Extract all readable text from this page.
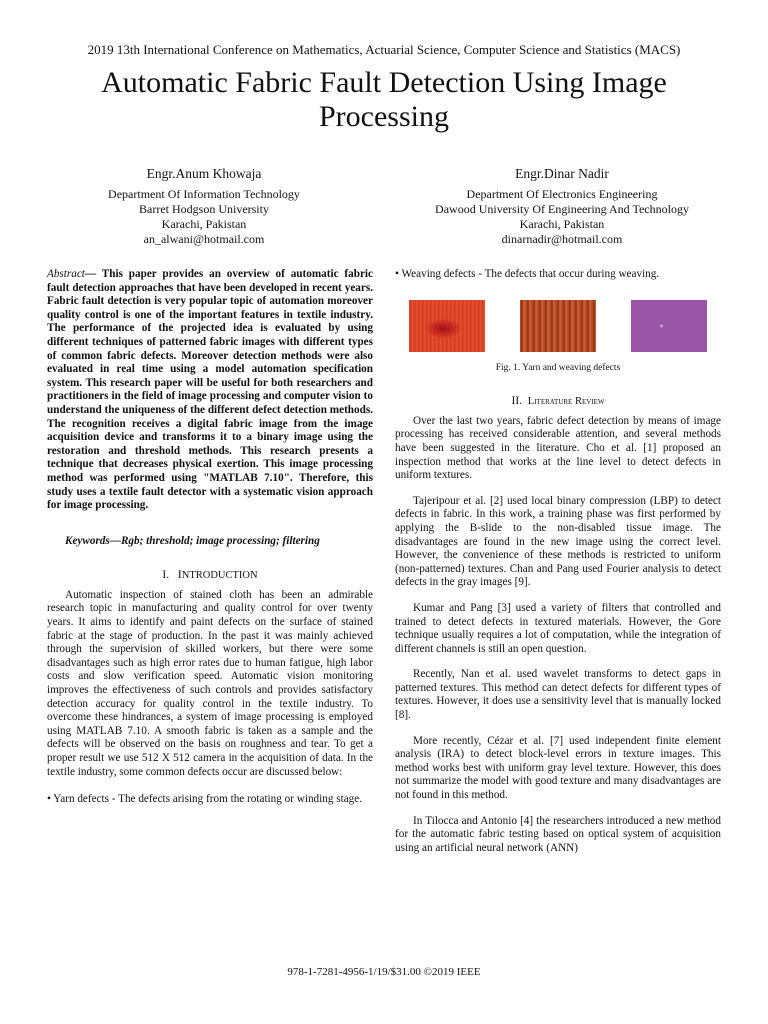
2019 13th International Conference on Mathematics, Actuarial Science, Computer Science and Statistics (MACS)
Automatic Fabric Fault Detection Using Image Processing
Engr.Anum Khowaja
Department Of Information Technology
Barret Hodgson University
Karachi, Pakistan
an_alwani@hotmail.com
Engr.Dinar Nadir
Department Of Electronics Engineering
Dawood University Of Engineering And Technology
Karachi, Pakistan
dinarnadir@hotmail.com

Abstract— This paper provides an overview of automatic fabric fault detection approaches that have been developed in recent years. Fabric fault detection is very popular topic of automation moreover quality control is one of the important features in textile industry. The performance of the projected idea is evaluated by using different techniques of patterned fabric images with different types of common fabric defects. Moreover detection methods were also evaluated in real time using a model automation specification system. This research paper will be useful for both researchers and practitioners in the field of image processing and computer vision to understand the uniqueness of the different defect detection methods. The recognition receives a digital fabric image from the image acquisition device and transforms it to a binary image using the restoration and threshold methods. This research presents a technique that decreases physical exertion. This image processing method was performed using "MATLAB 7.10". Therefore, this study uses a textile fault detector with a systematic vision approach for image processing.

Keywords—Rgb; threshold; image processing; filtering

I. INTRODUCTION

Automatic inspection of stained cloth has been an admirable research topic in manufacturing and quality control for over twenty years. It aims to identify and paint defects on the surface of stained fabric at the stage of production. In the past it was mainly achieved through the supervision of skilled workers, but there were some disadvantages such as high error rates due to human fatigue, high labor costs and slow verification speed. Automatic vision monitoring improves the effectiveness of such controls and provides satisfactory detection accuracy for quality control in the textile industry. To overcome these hindrances, a system of image processing is employed using MATLAB 7.10. A smooth fabric is taken as a sample and the defects will be observed on the basis on roughness and tear. To get a proper result we use 512 X 512 camera in the acquisition of data. In the textile industry, some common defects occur are discussed below:

• Yarn defects - The defects arising from the rotating or winding stage.

• Weaving defects - The defects that occur during weaving.

Fig. 1. Yarn and weaving defects
II. Literature Review

Over the last two years, fabric defect detection by means of image processing has received considerable attention, and several methods have been suggested in the literature. Cho et al. [1] proposed an inspection method that works at the line level to detect defects in uniform textures.

Tajeripour et al. [2] used local binary compression (LBP) to detect defects in fabric. In this work, a training phase was first performed by applying the B-slide to the non-disabled tissue image. The disadvantages are found in the new image using the correct level. However, the convenience of these methods is restricted to uniform (non-patterned) textures. Chan and Pang used Fourier analysis to detect defects in the gray images [9].

Kumar and Pang [3] used a variety of filters that controlled and trained to detect defects in textured materials. However, the Gore technique usually requires a lot of computation, while the integration of different channels is still an open question.

Recently, Nan et al. used wavelet transforms to detect gaps in patterned textures. This method can detect defects for different types of textures. However, it does use a sensitivity level that is manually locked [8].

More recently, Cézar et al. [7] used independent finite element analysis (IRA) to detect block-level errors in texture images. This method works best with uniform gray level texture. However, this does not summarize the model with good texture and many disadvantages are not found in this method.

In Tilocca and Antonio [4] the researchers introduced a new method for the automatic fabric testing based on optical system of acquisition using an artificial neural network (ANN)

978-1-7281-4956-1/19/$31.00 ©2019 IEEE
